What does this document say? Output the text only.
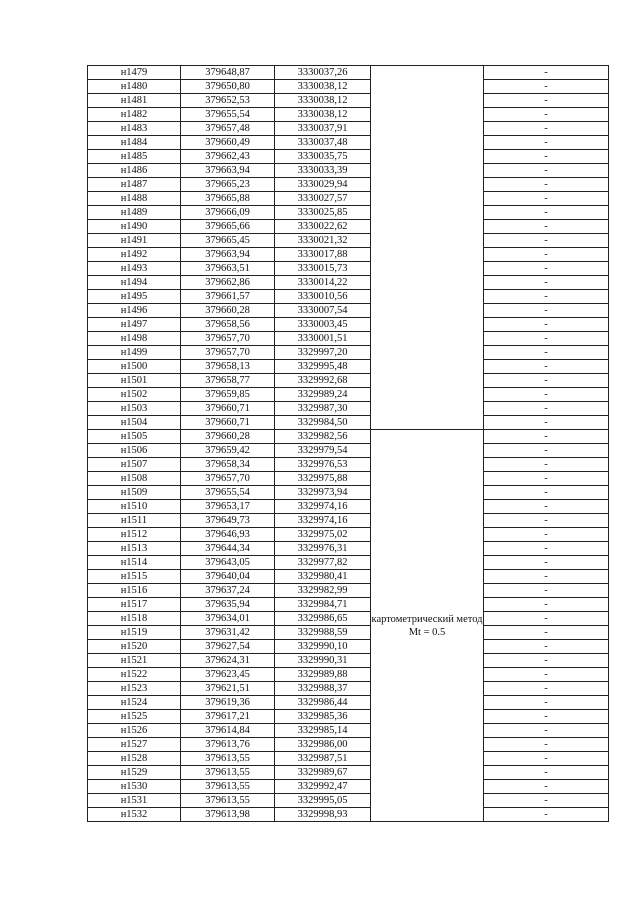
н1479	379648,87	3330037,26		-
н1480	379650,80	3330038,12		-
н1481	379652,53	3330038,12		-
н1482	379655,54	3330038,12		-
н1483	379657,48	3330037,91		-
н1484	379660,49	3330037,48		-
н1485	379662,43	3330035,75		-
н1486	379663,94	3330033,39		-
н1487	379665,23	3330029,94		-
н1488	379665,88	3330027,57		-
н1489	379666,09	3330025,85		-
н1490	379665,66	3330022,62		-
н1491	379665,45	3330021,32		-
н1492	379663,94	3330017,88		-
н1493	379663,51	3330015,73		-
н1494	379662,86	3330014,22		-
н1495	379661,57	3330010,56		-
н1496	379660,28	3330007,54		-
н1497	379658,56	3330003,45		-
н1498	379657,70	3330001,51		-
н1499	379657,70	3329997,20		-
н1500	379658,13	3329995,48		-
н1501	379658,77	3329992,68		-
н1502	379659,85	3329989,24		-
н1503	379660,71	3329987,30		-
н1504	379660,71	3329984,50		-
н1505	379660,28	3329982,56	картометрический метод Mt = 0.5	-
н1506	379659,42	3329979,54		-
н1507	379658,34	3329976,53		-
н1508	379657,70	3329975,88		-
н1509	379655,54	3329973,94		-
н1510	379653,17	3329974,16		-
н1511	379649,73	3329974,16		-
н1512	379646,93	3329975,02		-
н1513	379644,34	3329976,31		-
н1514	379643,05	3329977,82		-
н1515	379640,04	3329980,41		-
н1516	379637,24	3329982,99		-
н1517	379635,94	3329984,71		-
н1518	379634,01	3329986,65		-
н1519	379631,42	3329988,59		-
н1520	379627,54	3329990,10		-
н1521	379624,31	3329990,31		-
н1522	379623,45	3329989,88		-
н1523	379621,51	3329988,37		-
н1524	379619,36	3329986,44		-
н1525	379617,21	3329985,36		-
н1526	379614,84	3329985,14		-
н1527	379613,76	3329986,00		-
н1528	379613,55	3329987,51		-
н1529	379613,55	3329989,67		-
н1530	379613,55	3329992,47		-
н1531	379613,55	3329995,05		-
н1532	379613,98	3329998,93		-
